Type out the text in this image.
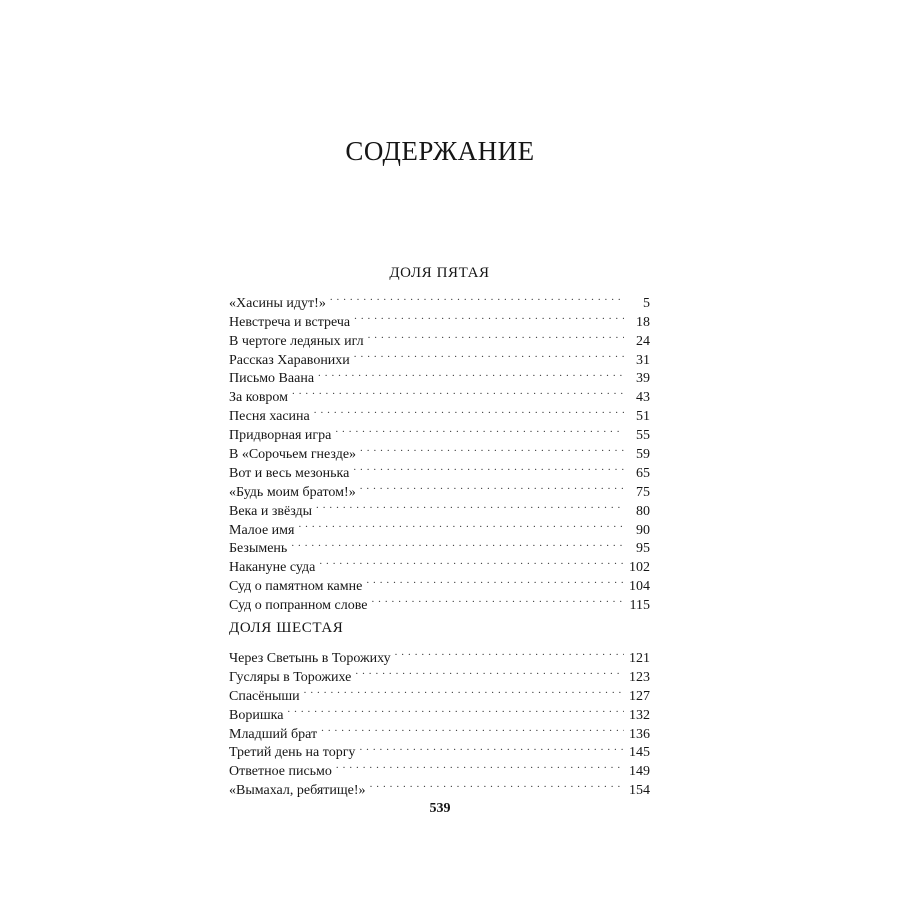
СОДЕРЖАНИЕ
ДОЛЯ ПЯТАЯ
«Хасины идут!» . . .	5
Невстреча и встреча . . .	18
В чертоге ледяных игл . . .	24
Рассказ Харавонихи . . .	31
Письмо Ваана . . .	39
За ковром . . .	43
Песня хасина . . .	51
Придворная игра . . .	55
В «Сорочьем гнезде» . . .	59
Вот и весь мезонька . . .	65
«Будь моим братом!» . . .	75
Века и звёзды . . .	80
Малое имя . . .	90
Безымень . . .	95
Накануне суда . . .	102
Суд о памятном камне . . .	104
Суд о попранном слове . . .	115
ДОЛЯ ШЕСТАЯ
Через Светынь в Торожиху . . .	121
Гусляры в Торожихе . . .	123
Спасёныши . . .	127
Воришка . . .	132
Младший брат . . .	136
Третий день на торгу . . .	145
Ответное письмо . . .	149
«Вымахал, ребятище!» . . .	154
539
